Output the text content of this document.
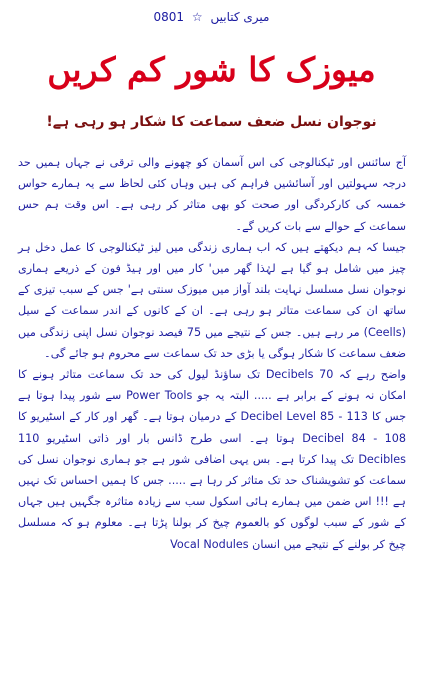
میری کتابیں ☆ 0801
میوزک کا شور کم کریں
نوجوان نسل ضعف سماعت کا شکار ہو رہی ہے!

آج سائنس اور ٹیکنالوجی کی اس آسمان کو چھونے والی ترقی نے جہاں ہمیں حد درجہ سہولتیں اور آسائشیں فراہم کی ہیں وہاں کئی لحاظ سے یہ ہمارے حواس خمسہ کی کارکردگی اور صحت کو بھی متاثر کر رہی ہے۔ اس وقت ہم حس سماعت کے حوالے سے بات کریں گے۔

جیسا کہ ہم دیکھتے ہیں کہ اب ہماری زندگی میں لیز ٹیکنالوجی کا عمل دخل ہر چیز میں شامل ہو گیا ہے لہٰذا گھر میں' کار میں اور ہیڈ فون کے ذریعے ہماری نوجوان نسل مسلسل نہایت بلند آواز میں میوزک سنتی ہے' جس کے سبب تیزی کے ساتھ ان کی سماعت متاثر ہو رہی ہے۔ ان کے کانوں کے اندر سماعت کے سیل (Ceells) مر رہے ہیں۔ جس کے نتیجے میں 75 فیصد نوجوان نسل اپنی زندگی میں ضعف سماعت کا شکار ہوگی یا بڑی حد تک سماعت سے محروم ہو جائے گی۔

واضح رہے کہ 70 Decibels تک ساؤنڈ لیول کی حد تک سماعت متاثر ہونے کا امکان نہ ہونے کے برابر ہے ..... البتہ یہ جو Power Tools سے شور پیدا ہوتا ہے جس کا Decibel Level 85 - 113 کے درمیان ہوتا ہے۔ گھر اور کار کے اسٹیریو کا 108 - 84 Decibel ہوتا ہے۔ اسی طرح ڈانس بار اور ذاتی اسٹیریو 110 Decibles تک پیدا کرتا ہے۔ بس یہی اضافی شور ہے جو ہماری نوجوان نسل کی سماعت کو تشویشناک حد تک متاثر کر رہا ہے ..... جس کا ہمیں احساس تک نہیں ہے !!! اس ضمن میں ہمارے ہائی اسکول سب سے زیادہ متاثرہ جگہیں ہیں جہاں کے شور کے سبب لوگوں کو بالعموم چیخ کر بولنا پڑتا ہے۔ معلوم ہو کہ مسلسل چیخ کر بولنے کے نتیجے میں انسان Vocal Nodules
